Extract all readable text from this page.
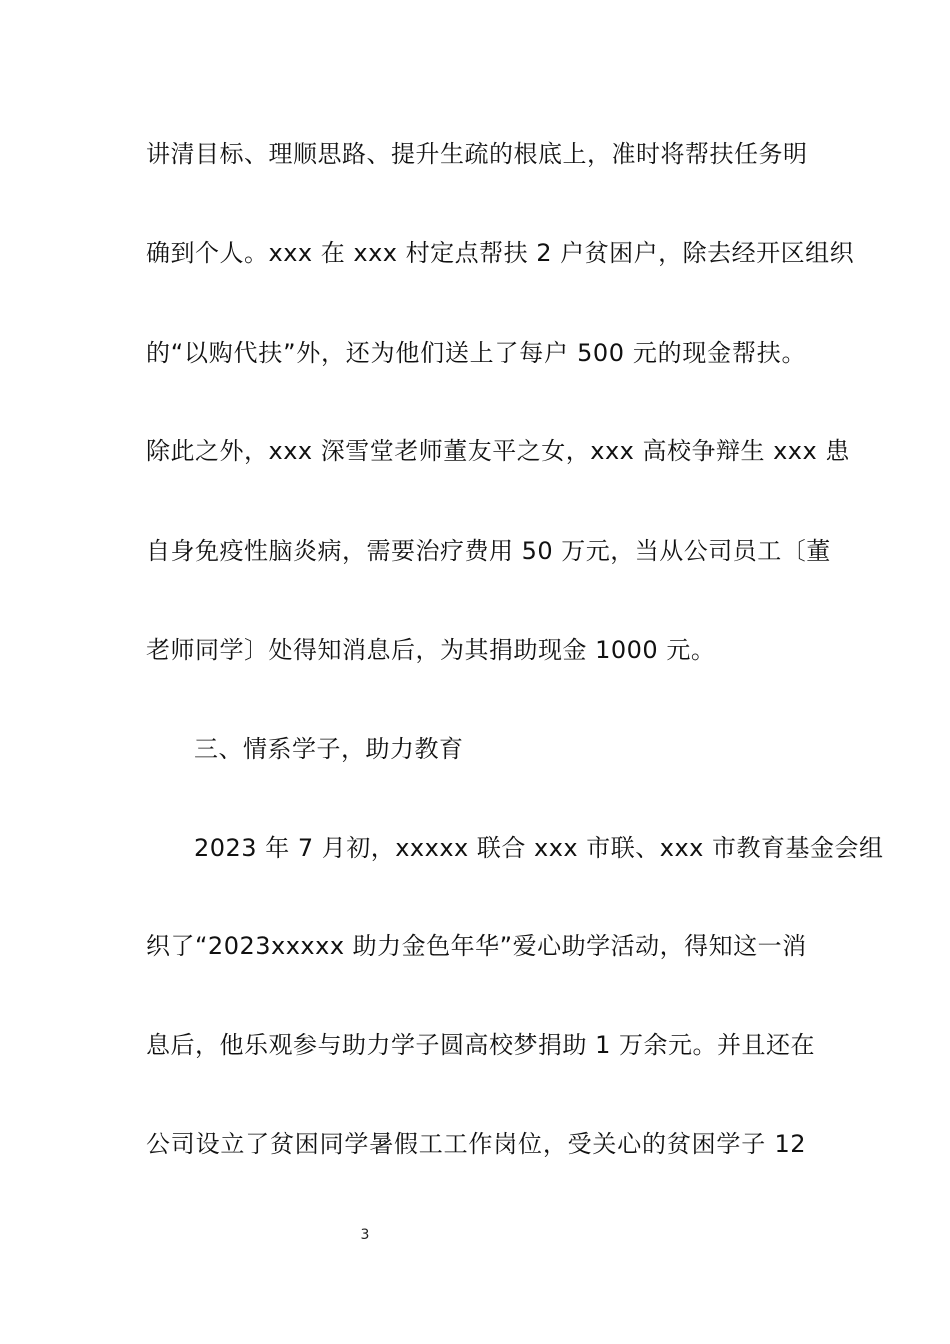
讲清目标、理顺思路、提升生疏的根底上，准时将帮扶任务明
确到个人。xxx 在 xxx 村定点帮扶 2 户贫困户，除去经开区组织
的“以购代扶”外，还为他们送上了每户 500 元的现金帮扶。
除此之外，xxx 深雪堂老师董友平之女，xxx 高校争辩生 xxx 患
自身免疫性脑炎病，需要治疗费用 50 万元，当从公司员工〔董
老师同学〕处得知消息后，为其捐助现金 1000 元。
三、情系学子，助力教育
2023 年 7 月初，xxxxx 联合 xxx 市联、xxx 市教育基金会组
织了“2023xxxxx 助力金色年华”爱心助学活动，得知这一消
息后，他乐观参与助力学子圆高校梦捐助 1 万余元。并且还在
公司设立了贫困同学暑假工工作岗位，受关心的贫困学子 12
3
